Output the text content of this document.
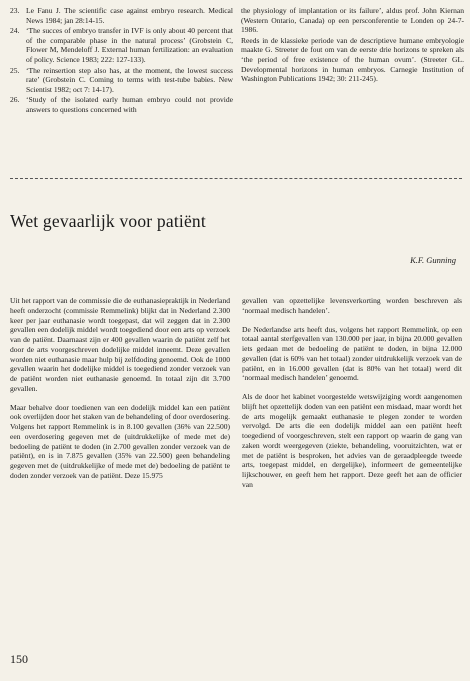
23. Le Fanu J. The scientific case against embryo research. Medical News 1984; jan 28:14-15.
24. ‘The succes of embryo transfer in IVF is only about 40 percent that of the comparable phase in the natural process’ (Grobstein C, Flower M, Mendeloff J. External human fertilization: an evaluation of policy. Science 1983; 222: 127-133).
25. ‘The reinsertion step also has, at the moment, the lowest success rate’ (Grobstein C. Coming to terms with test-tube babies. New Scientist 1982; oct 7: 14-17).
26. ‘Study of the isolated early human embryo could not provide answers to questions concerned with
the physiology of implantation or its failure’, aldus prof. John Kiernan (Western Ontario, Canada) op een persconferentie te Londen op 24-7-1986.
Reeds in de klassieke periode van de descriptieve humane embryologie maakte G. Streeter de fout om van de eerste drie horizons te spreken als ‘the period of free existence of the human ovum’. (Streeter GL. Developmental horizons in human embryos. Carnegie Institution of Washington Publications 1942; 30: 211-245).
Wet gevaarlijk voor patiënt
K.F. Gunning

Uit het rapport van de commissie die de euthanasiepraktijk in Nederland heeft onderzocht (commissie Remmelink) blijkt dat in Nederland 2.300 keer per jaar euthanasie wordt toegepast, dat wil zeggen dat in 2.300 gevallen een dodelijk middel wordt toegediend door een arts op verzoek van de patiënt. Daarnaast zijn er 400 gevallen waarin de patiënt zelf het door de arts voorgeschreven dodelijke middel inneemt. Deze gevallen worden niet euthanasie maar hulp bij zelfdoding genoemd. Ook de 1000 gevallen waarin het dodelijke middel is toegediend zonder verzoek van de patiënt worden niet euthanasie genoemd. In totaal zijn dit 3.700 gevallen.

Maar behalve door toedienen van een dodelijk middel kan een patiënt ook overlijden door het staken van de behandeling of door overdosering. Volgens het rapport Remmelink is in 8.100 gevallen (36% van 22.500) een overdosering gegeven met de (uitdrukkelijke of mede met de) bedoeling de patiënt te doden (in 2.700 gevallen zonder verzoek van de patiënt), en is in 7.875 gevallen (35% van 22.500) geen behandeling gegeven met de (uitdrukkelijke of mede met de) bedoeling de patiënt te doden zonder verzoek van de patiënt. Deze 15.975

gevallen van opzettelijke levensverkorting worden beschreven als ‘normaal medisch handelen’.

De Nederlandse arts heeft dus, volgens het rapport Remmelink, op een totaal aantal sterfgevallen van 130.000 per jaar, in bijna 20.000 gevallen iets gedaan met de bedoeling de patiënt te doden, in bijna 12.000 gevallen (dat is 60% van het totaal) zonder uitdrukkelijk verzoek van de patiënt, en in 16.000 gevallen (dat is 80% van het totaal) werd dit ‘normaal medisch handelen’ genoemd.

Als de door het kabinet voorgestelde wetswijziging wordt aangenomen blijft het opzettelijk doden van een patiënt een misdaad, maar wordt het de arts mogelijk gemaakt euthanasie te plegen zonder te worden vervolgd. De arts die een dodelijk middel aan een patiënt heeft toegediend of voorgeschreven, stelt een rapport op waarin de gang van zaken wordt weergegeven (ziekte, behandeling, vooruitzichten, wat er met de patiënt is besproken, het advies van de geraadpleegde tweede arts, toegepast middel, en dergelijke), informeert de gemeentelijke lijkschouwer, en geeft hem het rapport. Deze geeft het aan de officier van

150
